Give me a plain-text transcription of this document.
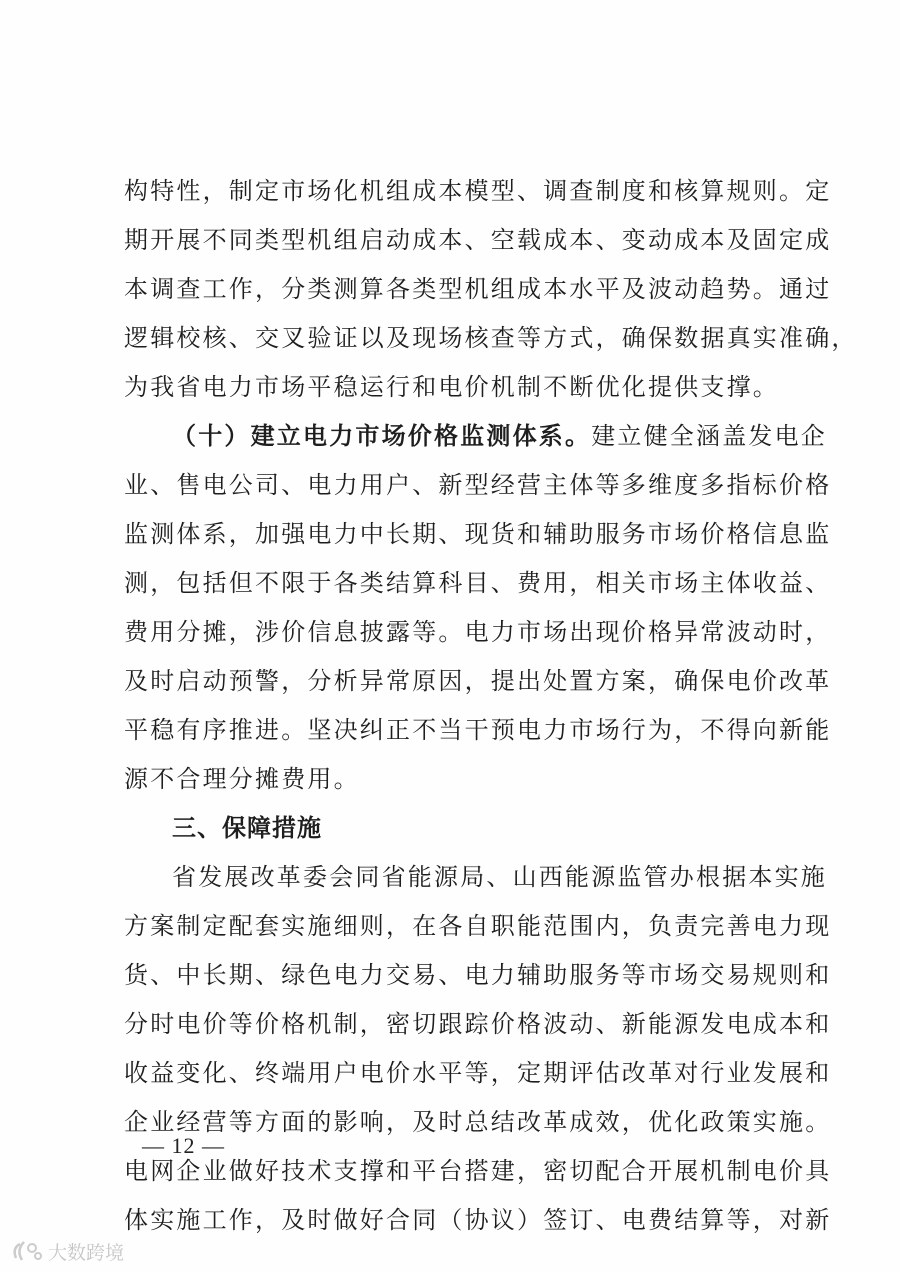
构特性，制定市场化机组成本模型、调查制度和核算规则。定
期开展不同类型机组启动成本、空载成本、变动成本及固定成
本调查工作，分类测算各类型机组成本水平及波动趋势。通过
逻辑校核、交叉验证以及现场核查等方式，确保数据真实准确，
为我省电力市场平稳运行和电价机制不断优化提供支撑。
（十）建立电力市场价格监测体系。建立健全涵盖发电企
业、售电公司、电力用户、新型经营主体等多维度多指标价格
监测体系，加强电力中长期、现货和辅助服务市场价格信息监
测，包括但不限于各类结算科目、费用，相关市场主体收益、
费用分摊，涉价信息披露等。电力市场出现价格异常波动时，
及时启动预警，分析异常原因，提出处置方案，确保电价改革
平稳有序推进。坚决纠正不当干预电力市场行为，不得向新能
源不合理分摊费用。
三、保障措施
省发展改革委会同省能源局、山西能源监管办根据本实施
方案制定配套实施细则，在各自职能范围内，负责完善电力现
货、中长期、绿色电力交易、电力辅助服务等市场交易规则和
分时电价等价格机制，密切跟踪价格波动、新能源发电成本和
收益变化、终端用户电价水平等，定期评估改革对行业发展和
企业经营等方面的影响，及时总结改革成效，优化政策实施。
电网企业做好技术支撑和平台搭建，密切配合开展机制电价具
体实施工作，及时做好合同（协议）签订、电费结算等，对新
— 12 —
大数跨境
